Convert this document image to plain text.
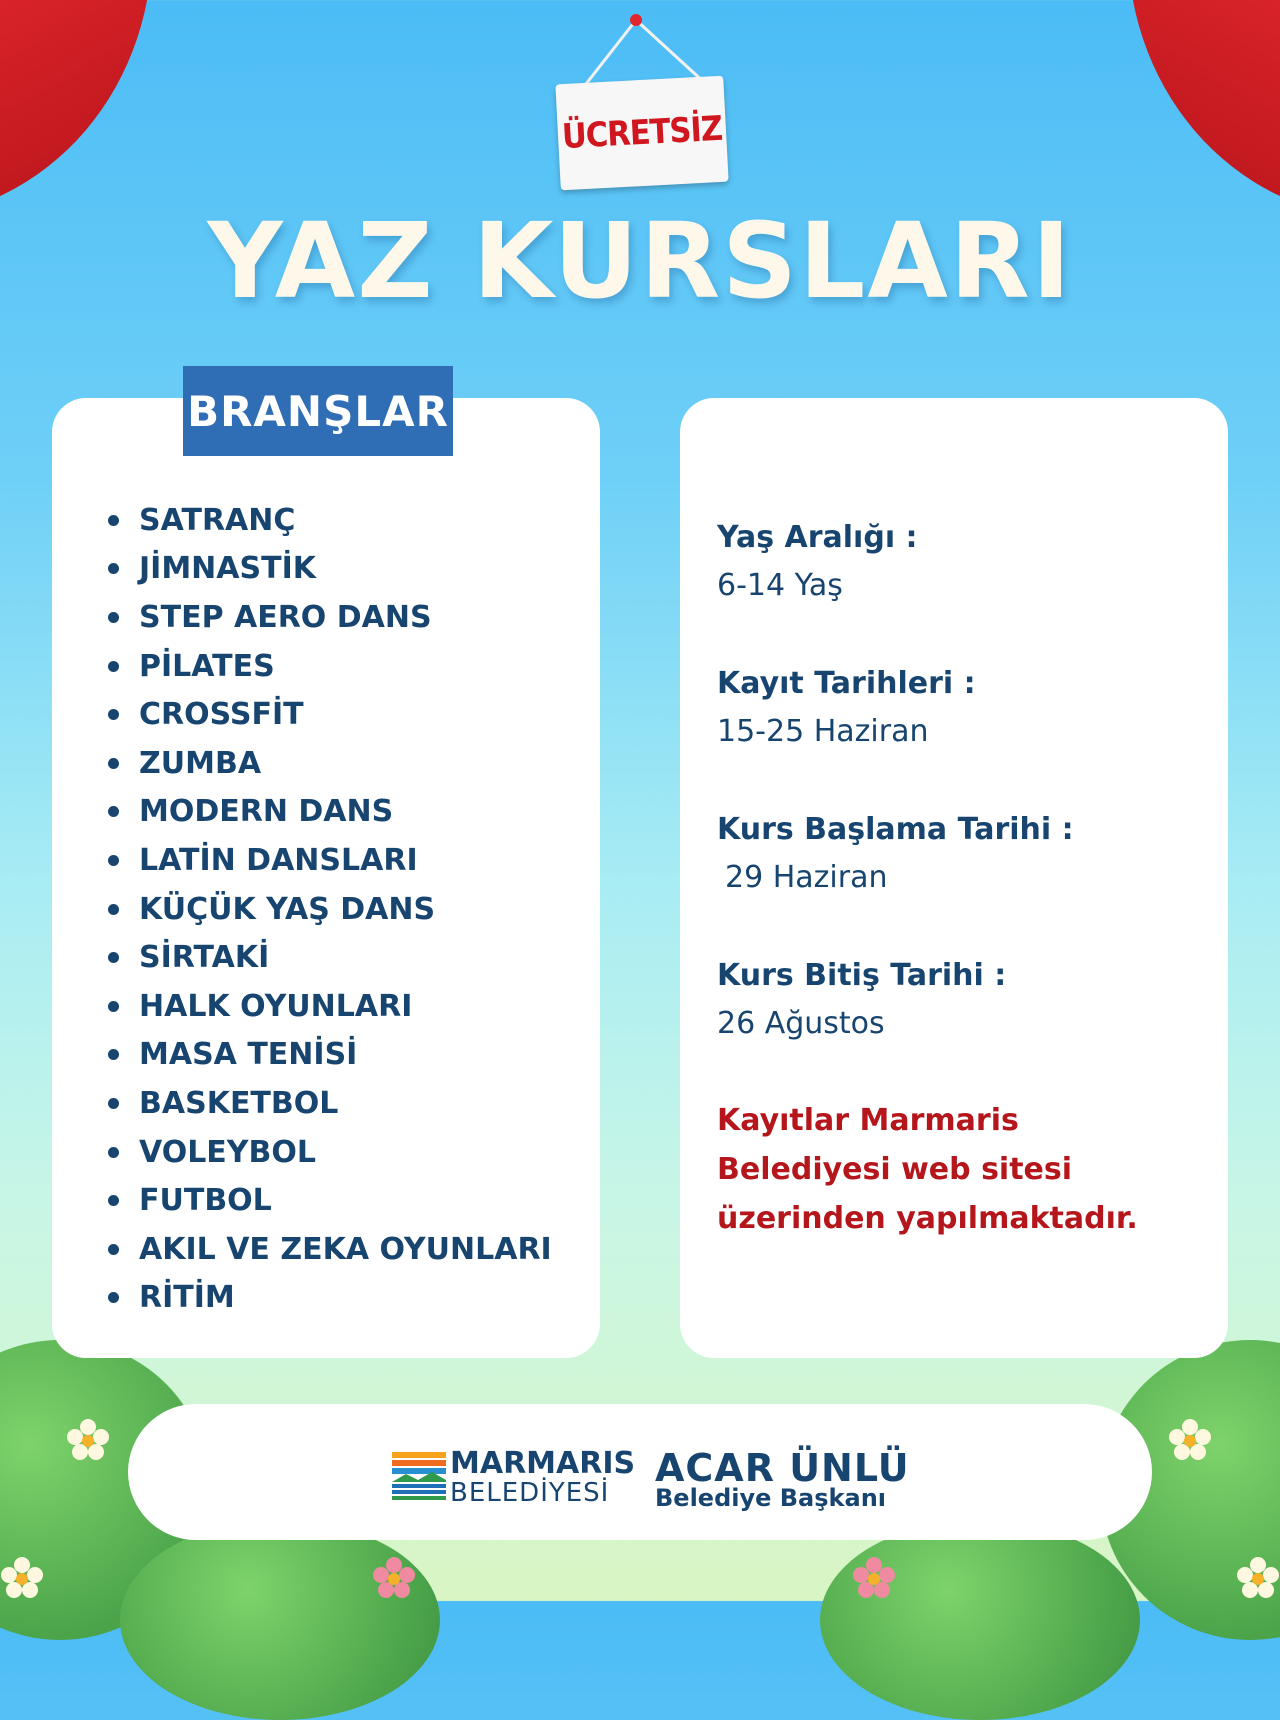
ÜCRETSİZ
YAZ KURSLARI
BRANŞLAR
SATRANÇ
JİMNASTİK
STEP AERO DANS
PİLATES
CROSSFİT
ZUMBA
MODERN DANS
LATİN DANSLARI
KÜÇÜK YAŞ DANS
SİRTAKİ
HALK OYUNLARI
MASA TENİSİ
BASKETBOL
VOLEYBOL
FUTBOL
AKIL VE ZEKA OYUNLARI
RİTİM
Yaş Aralığı :
6-14 Yaş
Kayıt Tarihleri :
15-25 Haziran
Kurs Başlama Tarihi :
29 Haziran
Kurs Bitiş Tarihi :
26 Ağustos
Kayıtlar Marmaris Belediyesi web sitesi üzerinden yapılmaktadır.
MARMARIS
BELEDİYESİ
ACAR ÜNLÜ
Belediye Başkanı
